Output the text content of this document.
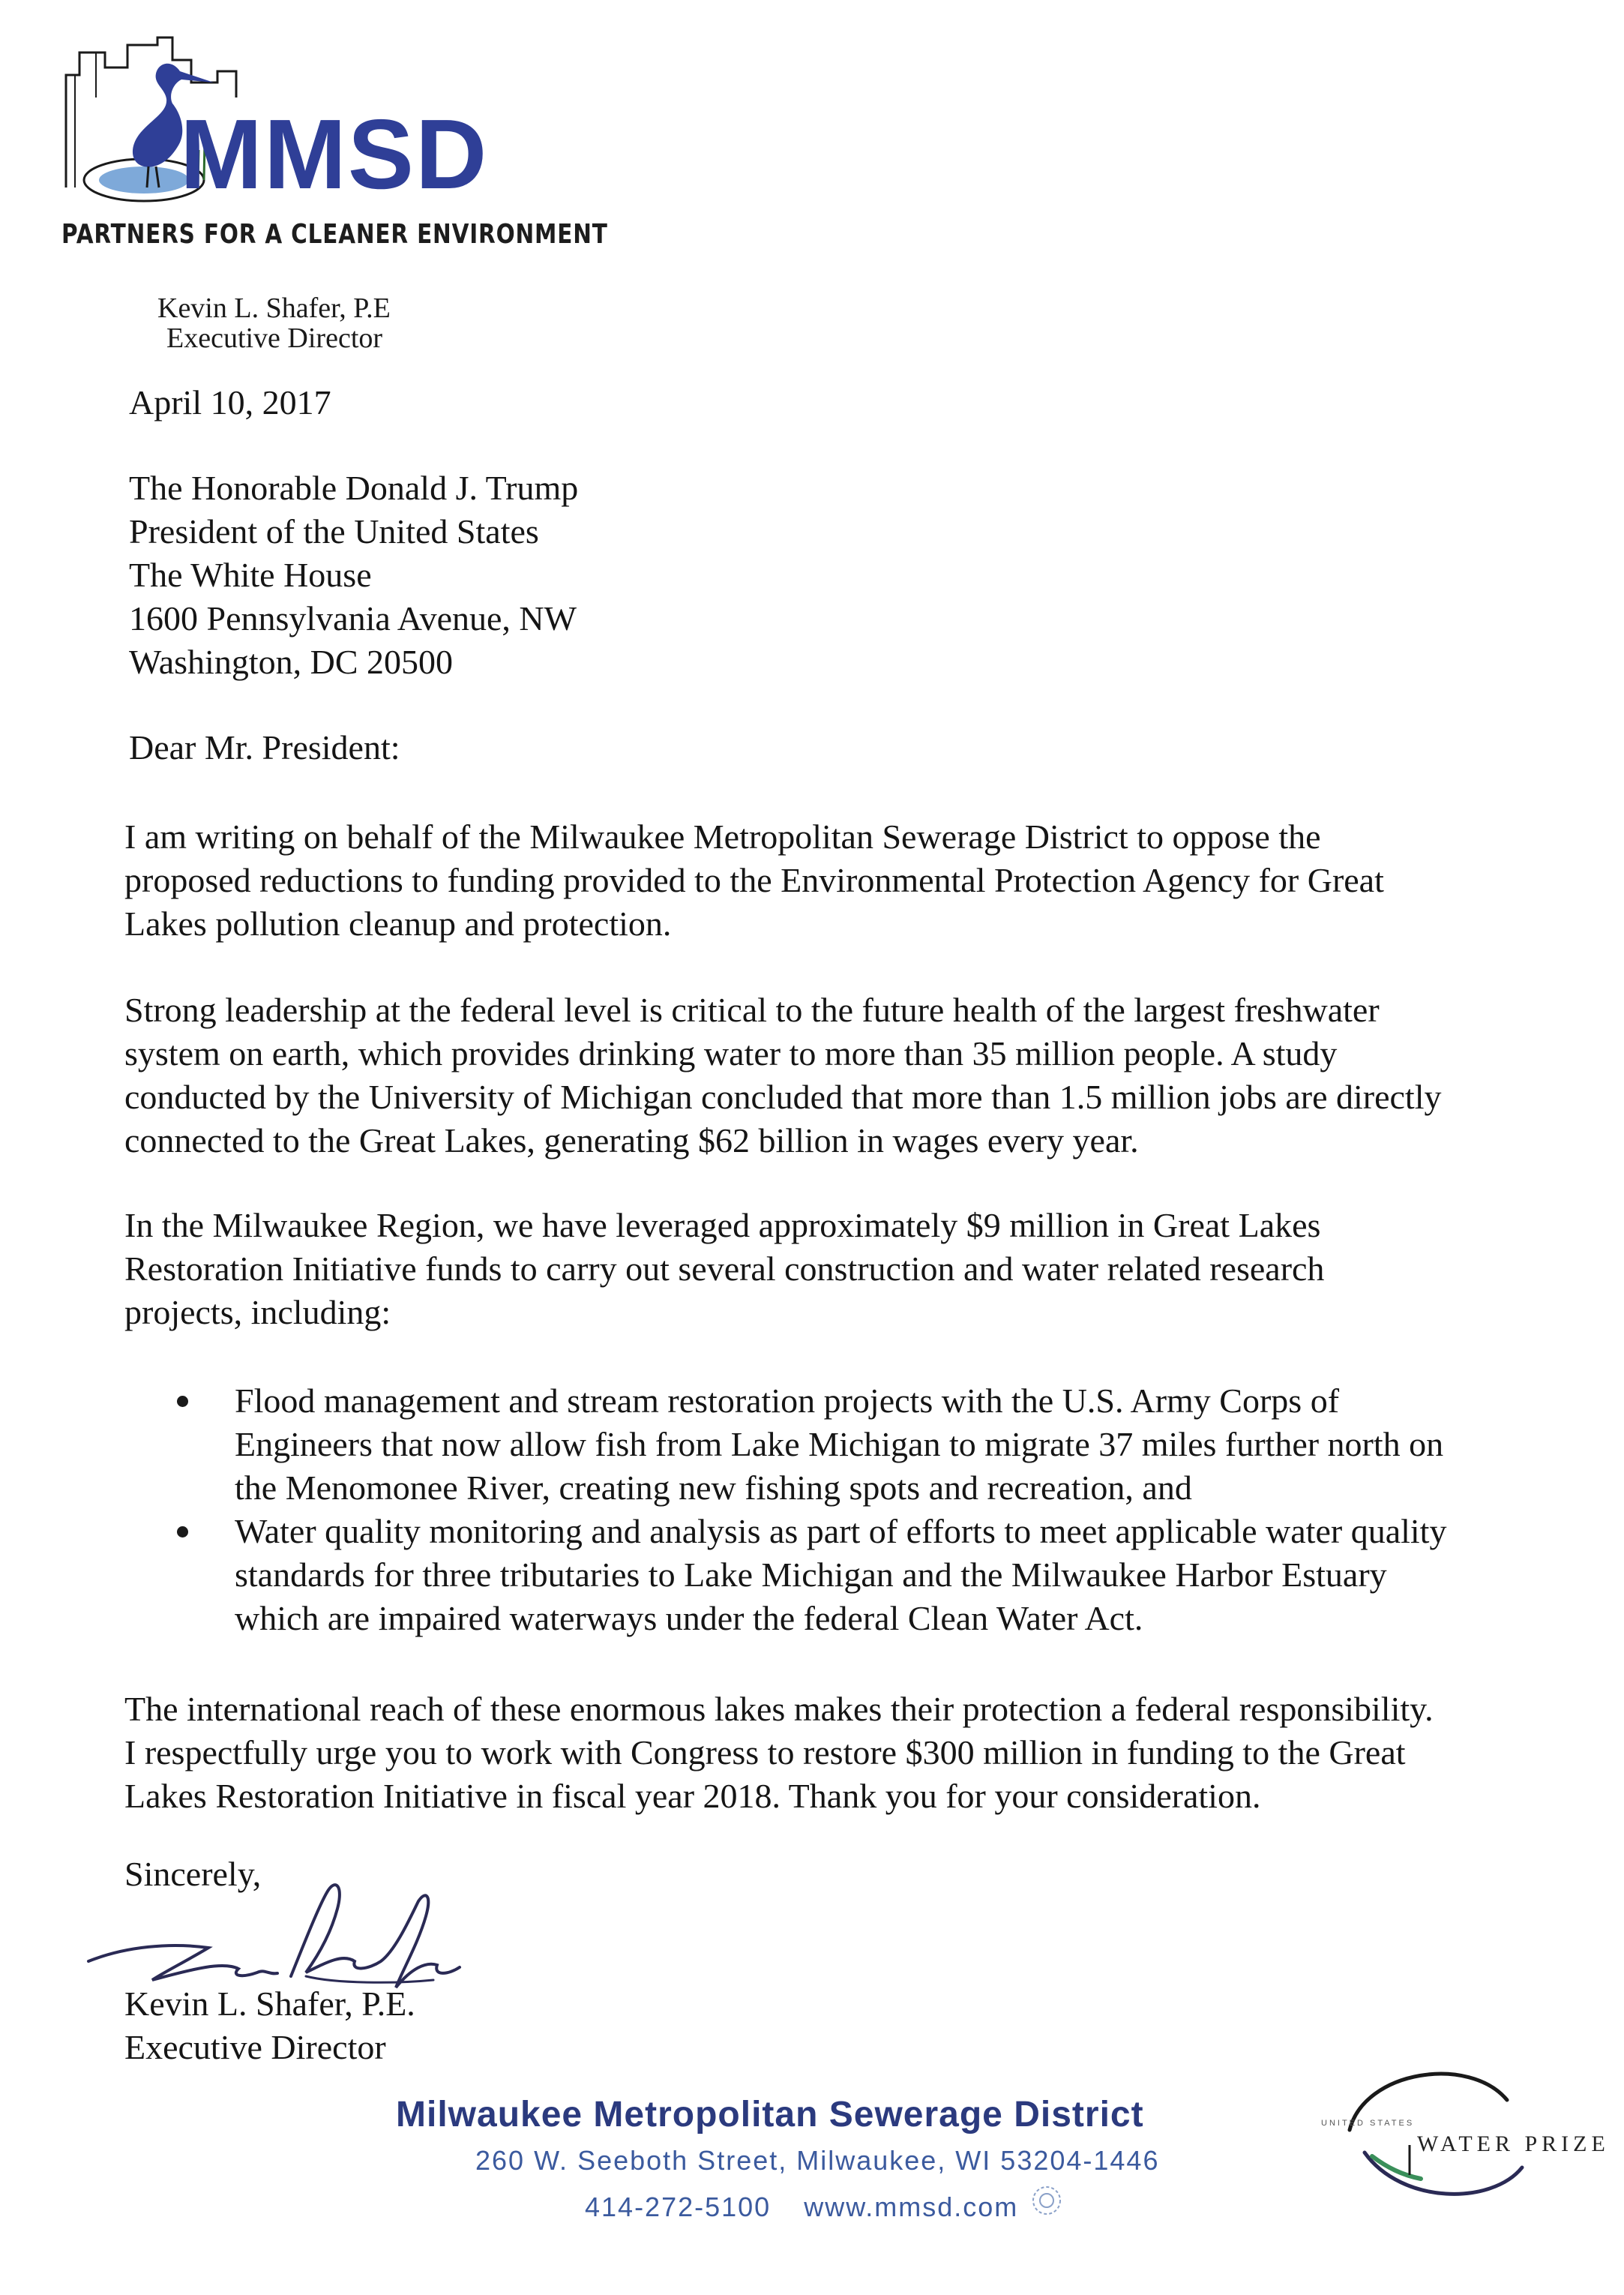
MMSD
PARTNERS FOR A CLEANER ENVIRONMENT
Kevin L. Shafer, P.E
Executive Director
April 10, 2017
The Honorable Donald J. Trump
President of the United States
The White House
1600 Pennsylvania Avenue, NW
Washington, DC 20500
Dear Mr. President:
I am writing on behalf of the Milwaukee Metropolitan Sewerage District to oppose the
proposed reductions to funding provided to the Environmental Protection Agency for Great
Lakes pollution cleanup and protection.
Strong leadership at the federal level is critical to the future health of the largest freshwater
system on earth, which provides drinking water to more than 35 million people. A study
conducted by the University of Michigan concluded that more than 1.5 million jobs are directly
connected to the Great Lakes, generating $62 billion in wages every year.
In the Milwaukee Region, we have leveraged approximately $9 million in Great Lakes
Restoration Initiative funds to carry out several construction and water related research
projects, including:
Flood management and stream restoration projects with the U.S. Army Corps of
Engineers that now allow fish from Lake Michigan to migrate 37 miles further north on
the Menomonee River, creating new fishing spots and recreation, and
Water quality monitoring and analysis as part of efforts to meet applicable water quality
standards for three tributaries to Lake Michigan and the Milwaukee Harbor Estuary
which are impaired waterways under the federal Clean Water Act.
The international reach of these enormous lakes makes their protection a federal responsibility.
I respectfully urge you to work with Congress to restore $300 million in funding to the Great
Lakes Restoration Initiative in fiscal year 2018. Thank you for your consideration.
Sincerely,
Kevin L. Shafer, P.E.
Executive Director
Milwaukee Metropolitan Sewerage District
260 W. Seeboth Street, Milwaukee, WI 53204-1446
414-272-5100 www.mmsd.com
UNITED STATES
WATER PRIZE
